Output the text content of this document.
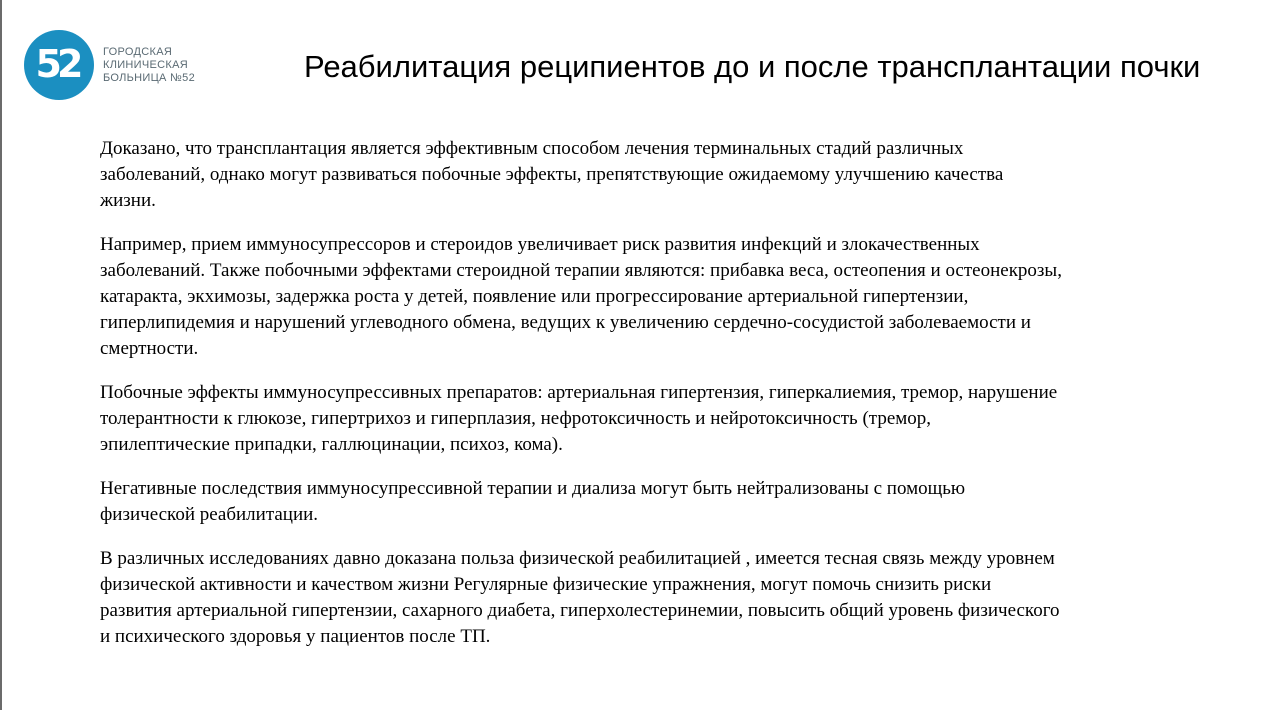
52 ГОРОДСКАЯ
КЛИНИЧЕСКАЯ
БОЛЬНИЦА №52	Реабилитация реципиентов до и после трансплантации почки

Доказано, что трансплантация является эффективным способом лечения терминальных стадий различных
заболеваний, однако могут развиваться побочные эффекты, препятствующие ожидаемому улучшению качества
жизни.

Например, прием иммуносупрессоров и стероидов увеличивает риск развития инфекций и злокачественных
заболеваний. Также побочными эффектами стероидной терапии являются: прибавка веса, остеопения и остеонекрозы,
катаракта, экхимозы, задержка роста у детей, появление или прогрессирование артериальной гипертензии,
гиперлипидемия и нарушений углеводного обмена, ведущих к увеличению сердечно-сосудистой заболеваемости и
смертности.

Побочные эффекты иммуносупрессивных препаратов: артериальная гипертензия, гиперкалиемия, тремор, нарушение
толерантности к глюкозе, гипертрихоз и гиперплазия, нефротоксичность и нейротоксичность (тремор,
эпилептические припадки, галлюцинации, психоз, кома).

Негативные последствия иммуносупрессивной терапии и диализа могут быть нейтрализованы с помощью
физической реабилитации.

В различных исследованиях давно доказана польза физической реабилитацией , имеется тесная связь между уровнем
физической активности и качеством жизни Регулярные физические упражнения, могут помочь снизить риски
развития артериальной гипертензии, сахарного диабета, гиперхолестеринемии, повысить общий уровень физического
и психического здоровья у пациентов после ТП.
